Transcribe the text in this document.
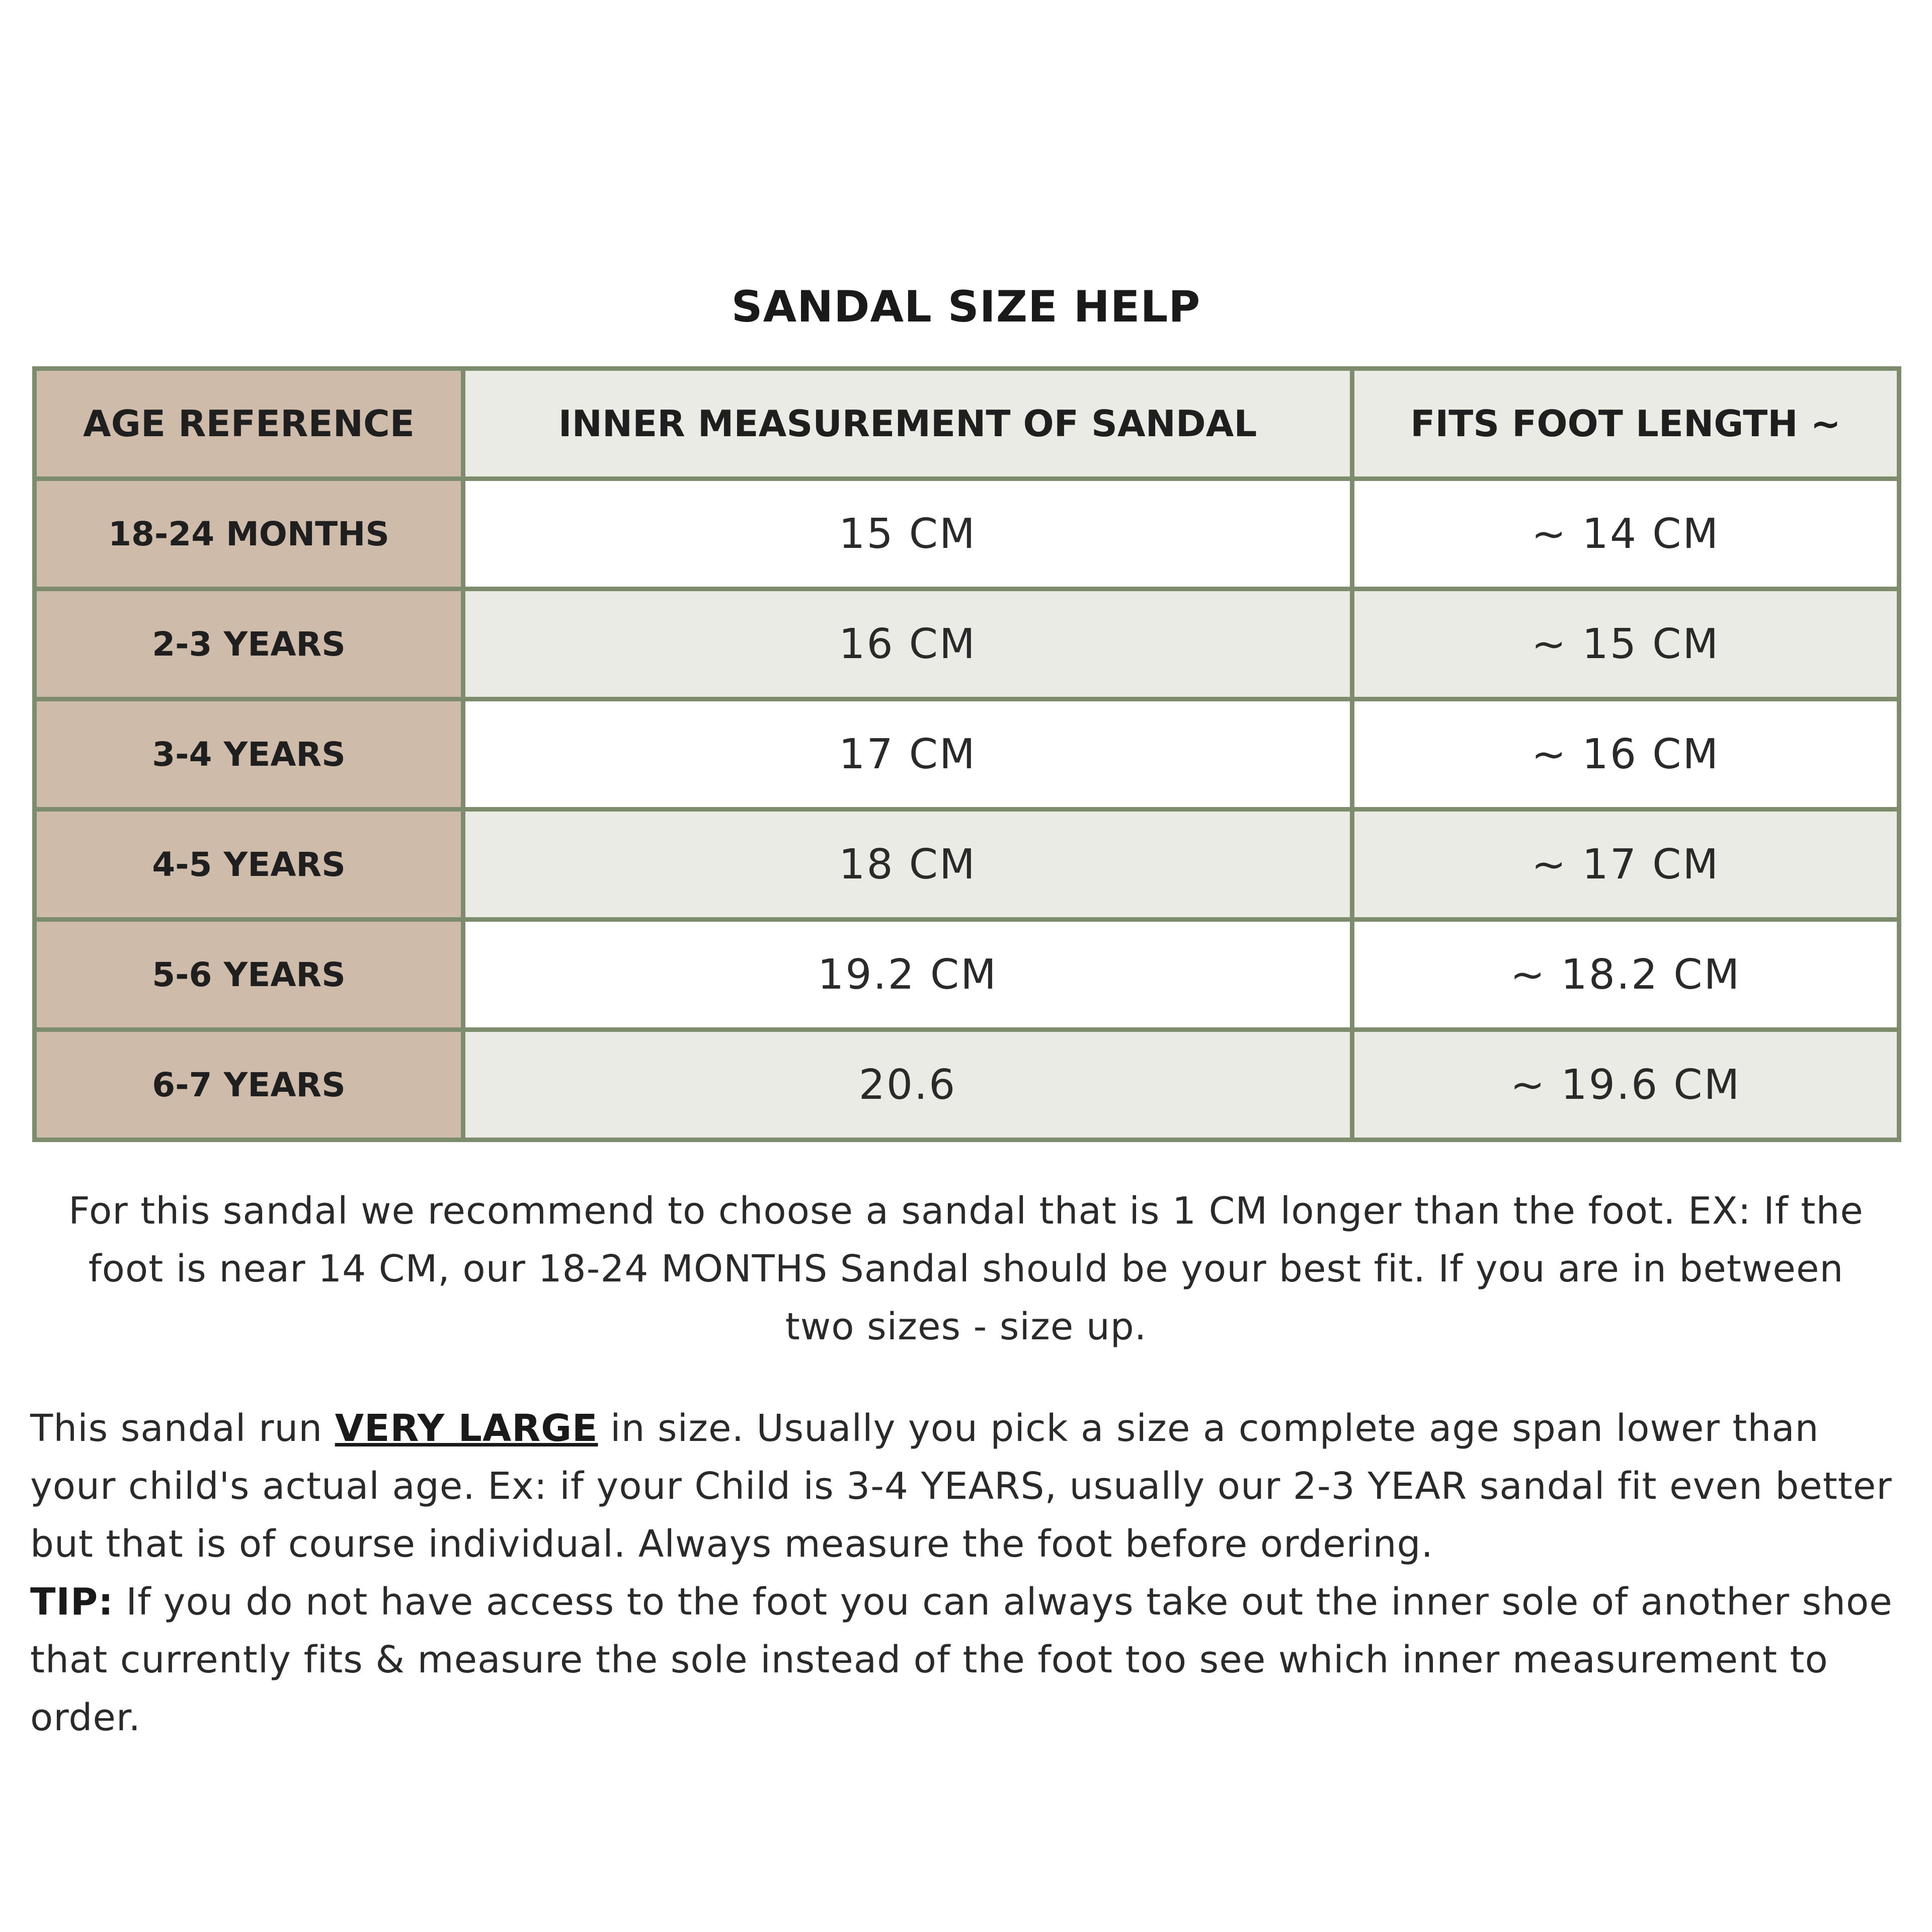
SANDAL SIZE HELP
AGE REFERENCE	INNER MEASUREMENT OF SANDAL	FITS FOOT LENGTH ~
18-24 MONTHS	15 CM	~ 14 CM
2-3 YEARS	16 CM	~ 15 CM
3-4 YEARS	17 CM	~ 16 CM
4-5 YEARS	18 CM	~ 17 CM
5-6 YEARS	19.2 CM	~ 18.2 CM
6-7 YEARS	20.6	~ 19.6 CM
For this sandal we recommend to choose a sandal that is 1 CM longer than the foot. EX: If the
foot is near 14 CM, our 18-24 MONTHS Sandal should be your best fit. If you are in between
two sizes - size up.
This sandal run VERY LARGE in size. Usually you pick a size a complete age span lower than your child's actual age. Ex: if your Child is 3-4 YEARS, usually our 2-3 YEAR sandal fit even better but that is of course individual. Always measure the foot before ordering.
TIP: If you do not have access to the foot you can always take out the inner sole of another shoe that currently fits & measure the sole instead of the foot too see which inner measurement to order.
